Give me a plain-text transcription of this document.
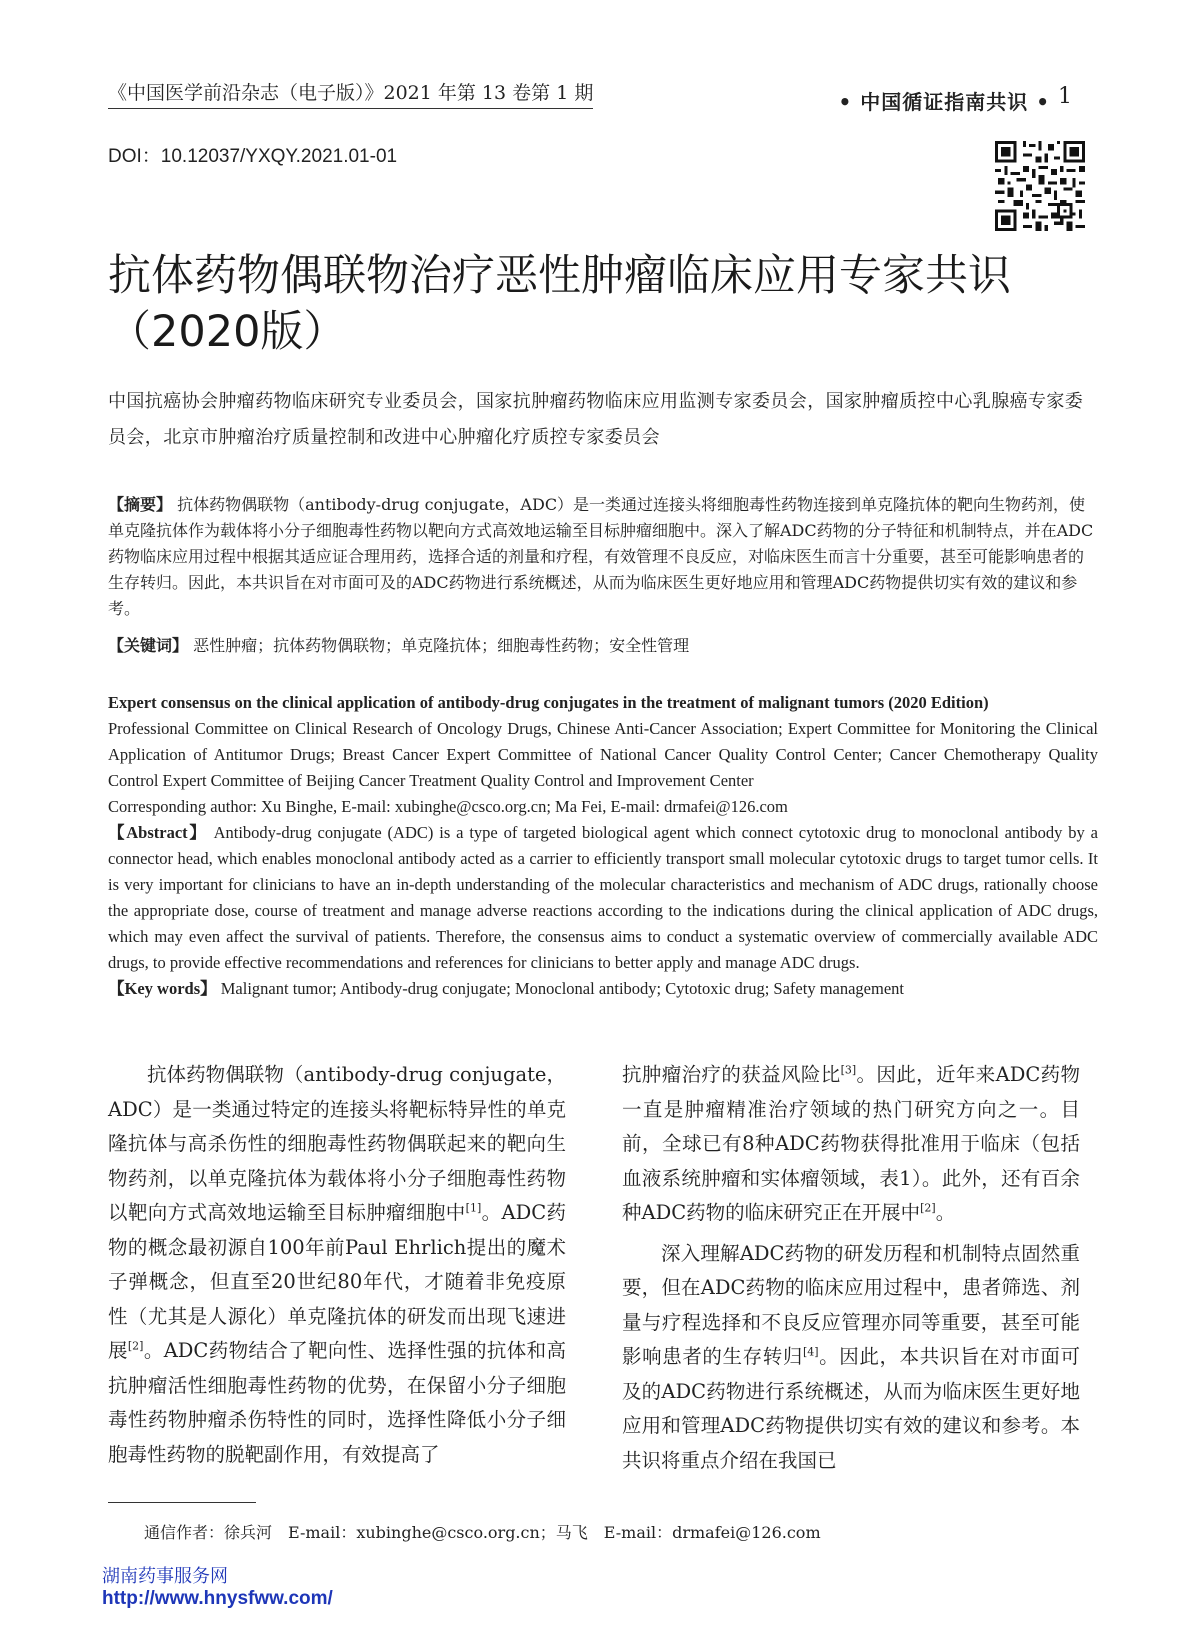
《中国医学前沿杂志（电子版）》2021 年第 13 卷第 1 期	• 中国循证指南共识 • 1
DOI：10.12037/YXQY.2021.01-01
抗体药物偶联物治疗恶性肿瘤临床应用专家共识（2020版）
中国抗癌协会肿瘤药物临床研究专业委员会，国家抗肿瘤药物临床应用监测专家委员会，国家肿瘤质控中心乳腺癌专家委员会，北京市肿瘤治疗质量控制和改进中心肿瘤化疗质控专家委员会
【摘要】 抗体药物偶联物（antibody-drug conjugate，ADC）是一类通过连接头将细胞毒性药物连接到单克隆抗体的靶向生物药剂，使单克隆抗体作为载体将小分子细胞毒性药物以靶向方式高效地运输至目标肿瘤细胞中。深入了解ADC药物的分子特征和机制特点，并在ADC药物临床应用过程中根据其适应证合理用药，选择合适的剂量和疗程，有效管理不良反应，对临床医生而言十分重要，甚至可能影响患者的生存转归。因此，本共识旨在对市面可及的ADC药物进行系统概述，从而为临床医生更好地应用和管理ADC药物提供切实有效的建议和参考。
【关键词】 恶性肿瘤；抗体药物偶联物；单克隆抗体；细胞毒性药物；安全性管理

Expert consensus on the clinical application of antibody-drug conjugates in the treatment of malignant tumors (2020 Edition)

Professional Committee on Clinical Research of Oncology Drugs, Chinese Anti-Cancer Association; Expert Committee for Monitoring the Clinical Application of Antitumor Drugs; Breast Cancer Expert Committee of National Cancer Quality Control Center; Cancer Chemotherapy Quality Control Expert Committee of Beijing Cancer Treatment Quality Control and Improvement Center

Corresponding author: Xu Binghe, E-mail: xubinghe@csco.org.cn; Ma Fei, E-mail: drmafei@126.com

【Abstract】 Antibody-drug conjugate (ADC) is a type of targeted biological agent which connect cytotoxic drug to monoclonal antibody by a connector head, which enables monoclonal antibody acted as a carrier to efficiently transport small molecular cytotoxic drugs to target tumor cells. It is very important for clinicians to have an in-depth understanding of the molecular characteristics and mechanism of ADC drugs, rationally choose the appropriate dose, course of treatment and manage adverse reactions according to the indications during the clinical application of ADC drugs, which may even affect the survival of patients. Therefore, the consensus aims to conduct a systematic overview of commercially available ADC drugs, to provide effective recommendations and references for clinicians to better apply and manage ADC drugs.

【Key words】 Malignant tumor; Antibody-drug conjugate; Monoclonal antibody; Cytotoxic drug; Safety management

抗体药物偶联物（antibody-drug conjugate，ADC）是一类通过特定的连接头将靶标特异性的单克隆抗体与高杀伤性的细胞毒性药物偶联起来的靶向生物药剂，以单克隆抗体为载体将小分子细胞毒性药物以靶向方式高效地运输至目标肿瘤细胞中[1]。ADC药物的概念最初源自100年前Paul Ehrlich提出的魔术子弹概念，但直至20世纪80年代，才随着非免疫原性（尤其是人源化）单克隆抗体的研发而出现飞速进展[2]。ADC药物结合了靶向性、选择性强的抗体和高抗肿瘤活性细胞毒性药物的优势，在保留小分子细胞毒性药物肿瘤杀伤特性的同时，选择性降低小分子细胞毒性药物的脱靶副作用，有效提高了

抗肿瘤治疗的获益风险比[3]。因此，近年来ADC药物一直是肿瘤精准治疗领域的热门研究方向之一。目前，全球已有8种ADC药物获得批准用于临床（包括血液系统肿瘤和实体瘤领域，表1）。此外，还有百余种ADC药物的临床研究正在开展中[2]。

深入理解ADC药物的研发历程和机制特点固然重要，但在ADC药物的临床应用过程中，患者筛选、剂量与疗程选择和不良反应管理亦同等重要，甚至可能影响患者的生存转归[4]。因此，本共识旨在对市面可及的ADC药物进行系统概述，从而为临床医生更好地应用和管理ADC药物提供切实有效的建议和参考。本共识将重点介绍在我国已

通信作者：徐兵河　E-mail：xubinghe@csco.org.cn；马飞　E-mail：drmafei@126.com
湖南药事服务网
http://www.hnysfww.com/
